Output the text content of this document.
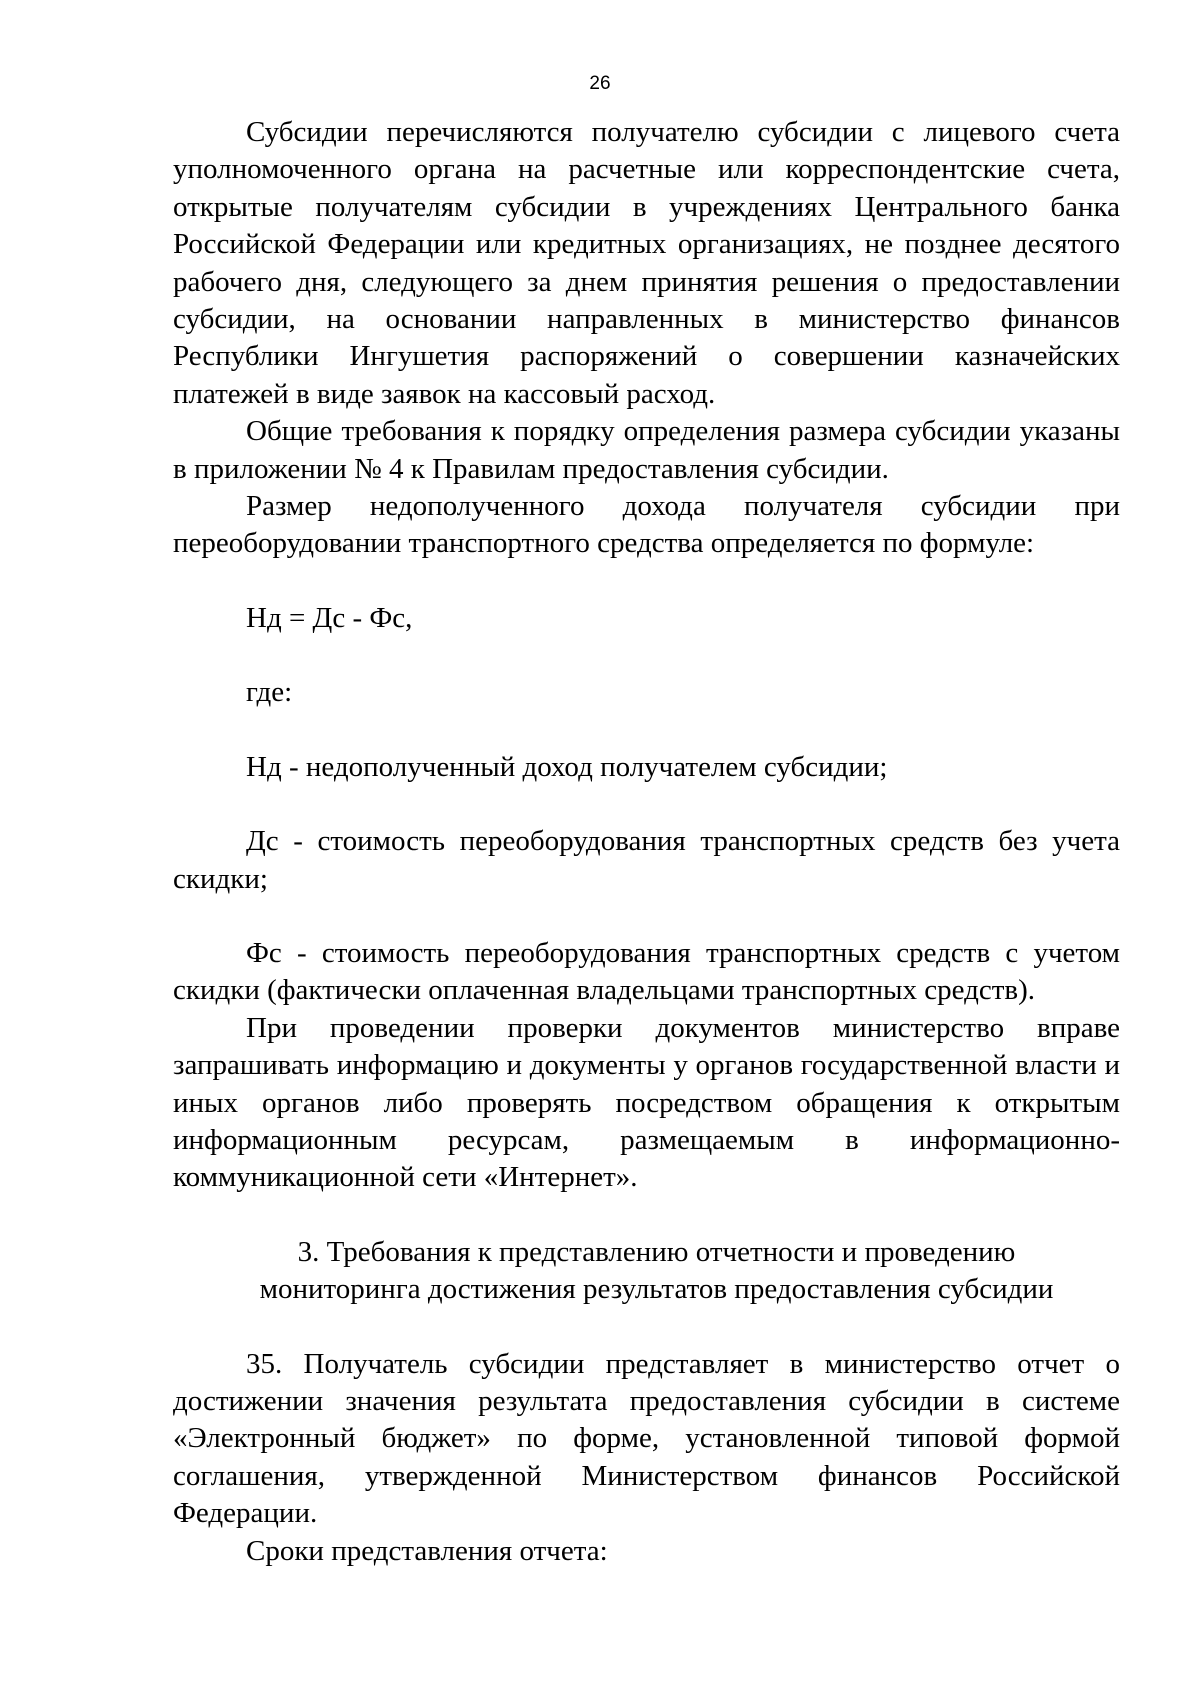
26

Субсидии перечисляются получателю субсидии с лицевого счета уполномоченного органа на расчетные или корреспондентские счета, открытые получателям субсидии в учреждениях Центрального банка Российской Федерации или кредитных организациях, не позднее десятого рабочего дня, следующего за днем принятия решения о предоставлении субсидии, на основании направленных в министерство финансов Республики Ингушетия распоряжений о совершении казначейских платежей в виде заявок на кассовый расход.

Общие требования к порядку определения размера субсидии указаны в приложении № 4 к Правилам предоставления субсидии.

Размер недополученного дохода получателя субсидии при переоборудовании транспортного средства определяется по формуле:

Нд = Дс - Фс,

где:

Нд - недополученный доход получателем субсидии;

Дс - стоимость переоборудования транспортных средств без учета скидки;

Фс - стоимость переоборудования транспортных средств с учетом скидки (фактически оплаченная владельцами транспортных средств).

При проведении проверки документов министерство вправе запрашивать информацию и документы у органов государственной власти и иных органов либо проверять посредством обращения к открытым информационным ресурсам, размещаемым в информационно-коммуникационной сети «Интернет».

3. Требования к представлению отчетности и проведению
мониторинга достижения результатов предоставления субсидии

35. Получатель субсидии представляет в министерство отчет о достижении значения результата предоставления субсидии в системе «Электронный бюджет» по форме, установленной типовой формой соглашения, утвержденной Министерством финансов Российской Федерации.

Сроки представления отчета:
